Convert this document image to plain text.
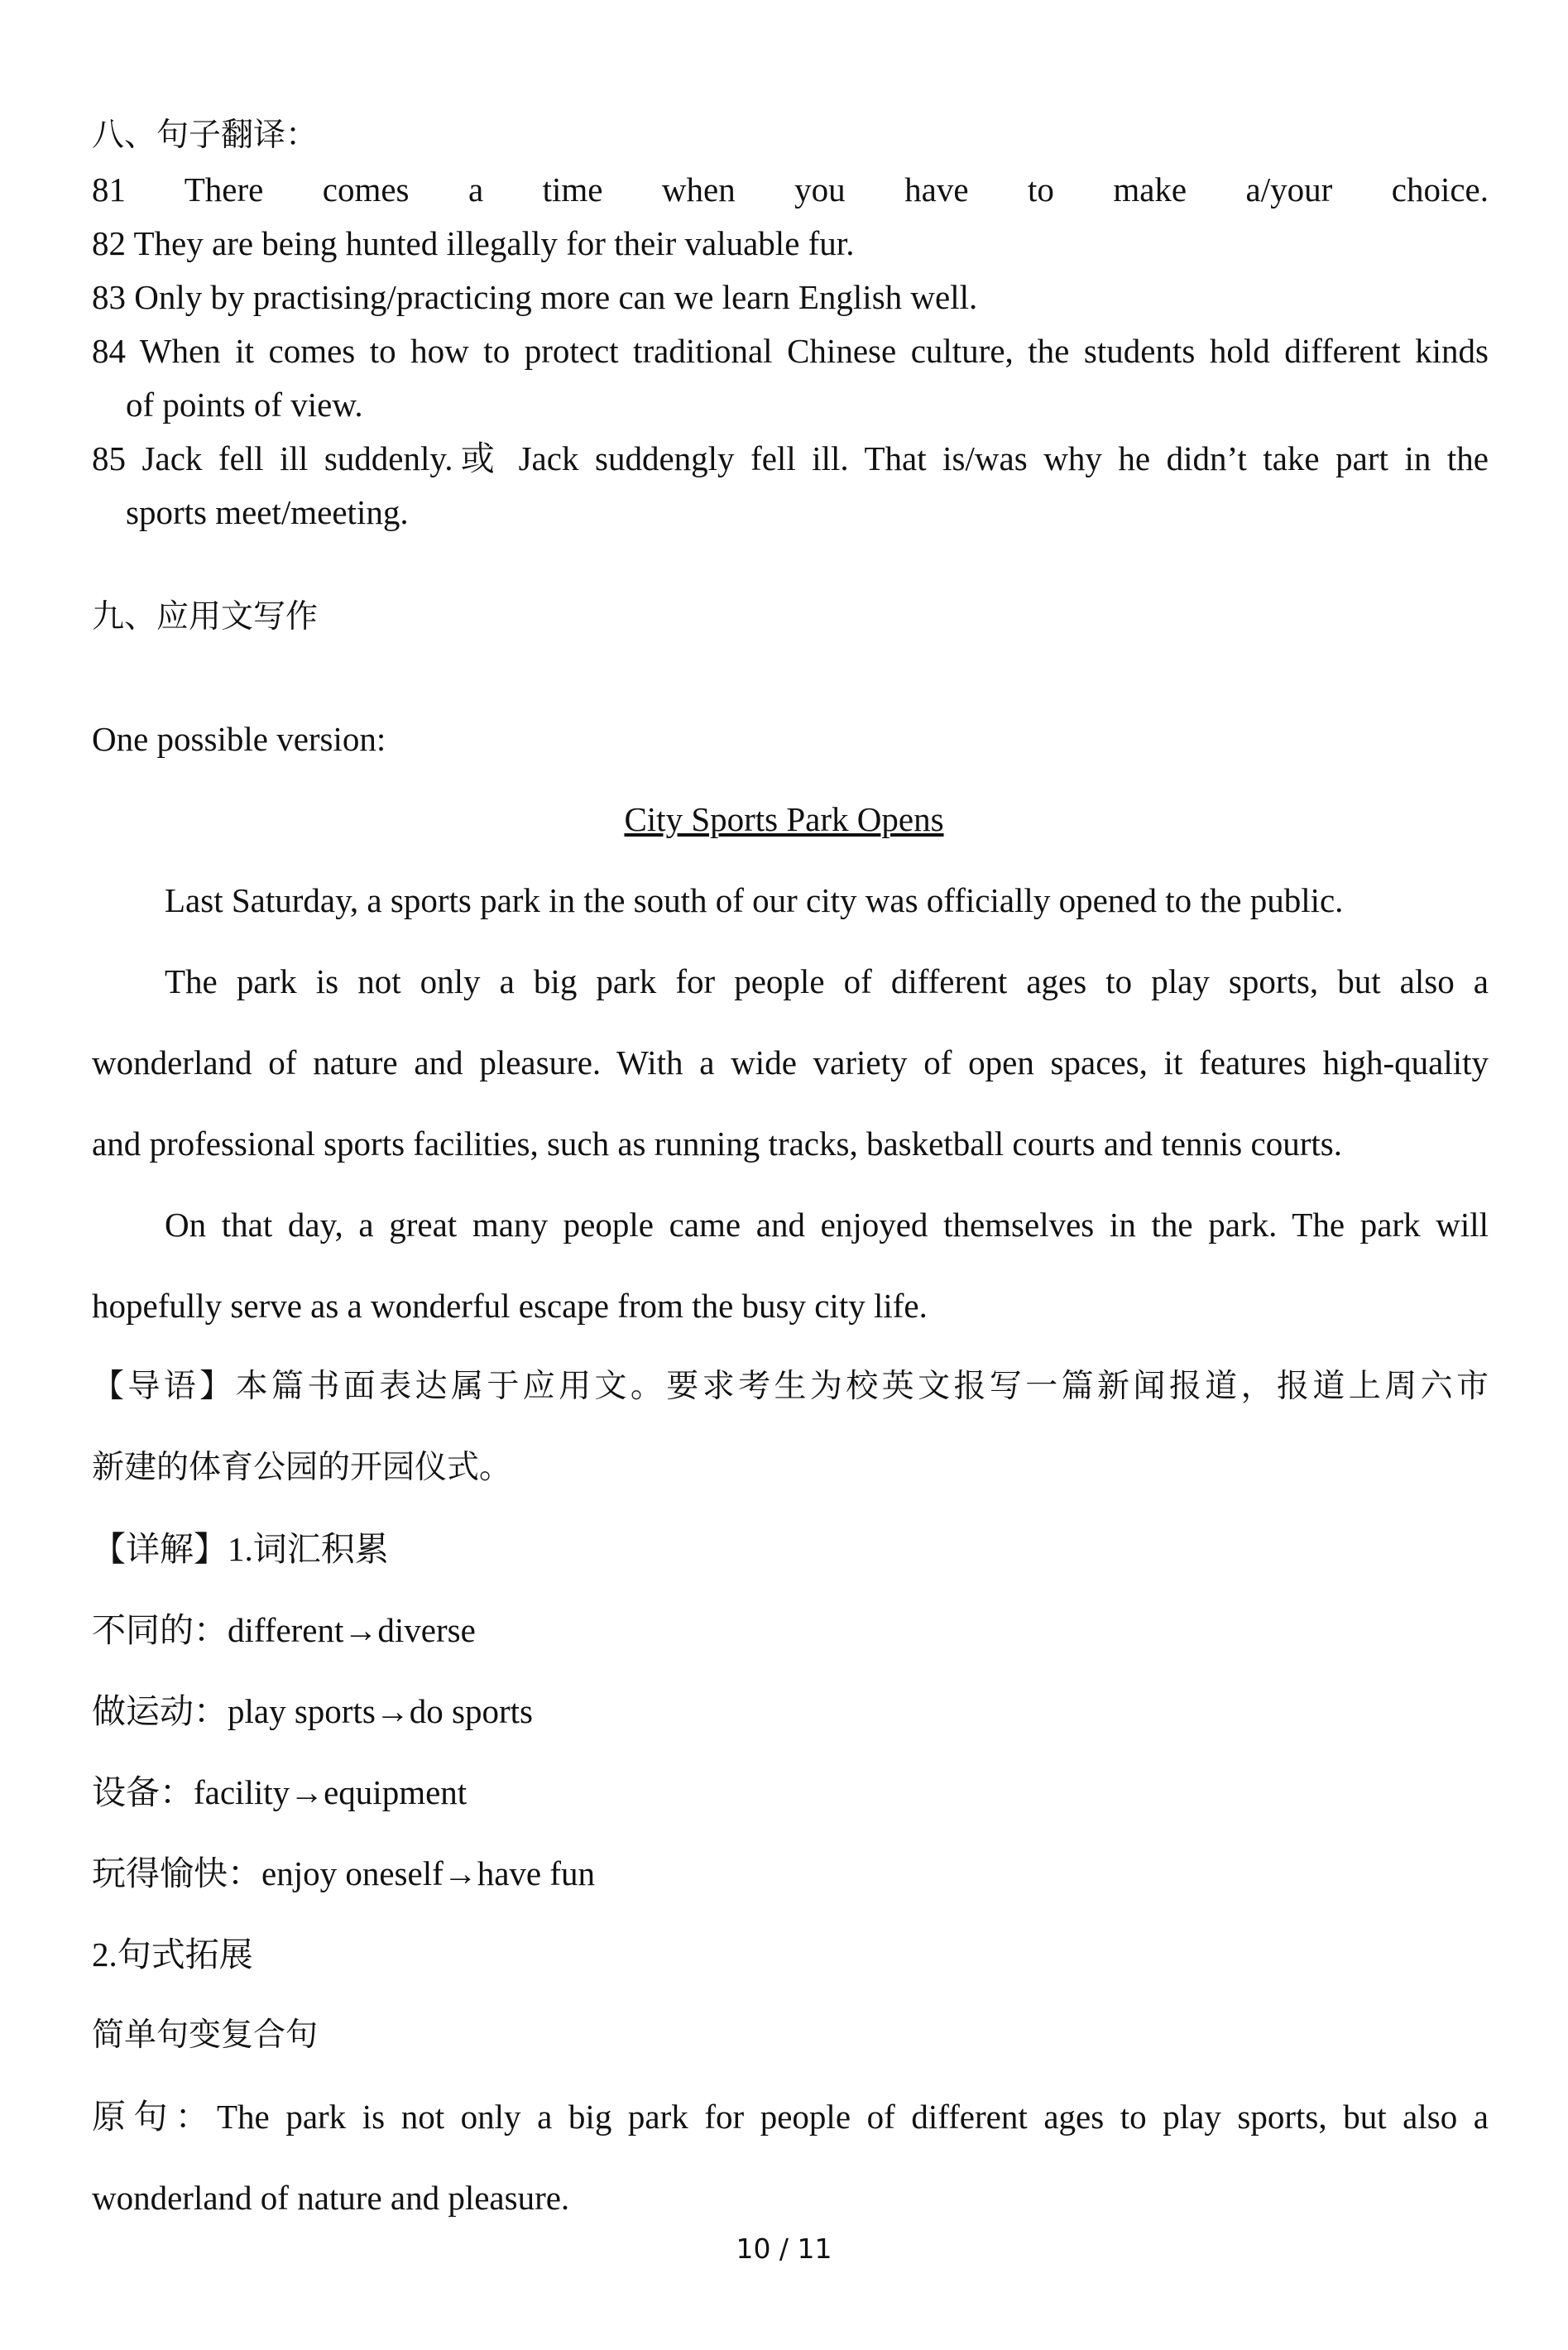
八、句子翻译：
81 There comes a time when you have to make a/your choice.
82 They are being hunted illegally for their valuable fur.
83 Only by practising/practicing more can we learn English well.
84 When it comes to how to protect traditional Chinese culture, the students hold different kinds
of points of view.
85 Jack fell ill suddenly.或 Jack suddengly fell ill. That is/was why he didn’t take part in the
sports meet/meeting.
九、应用文写作
One possible version:
City Sports Park Opens
Last Saturday, a sports park in the south of our city was officially opened to the public.
The park is not only a big park for people of different ages to play sports, but also a
wonderland of nature and pleasure. With a wide variety of open spaces, it features high-quality
and professional sports facilities, such as running tracks, basketball courts and tennis courts.
On that day, a great many people came and enjoyed themselves in the park. The park will
hopefully serve as a wonderful escape from the busy city life.
【导语】本篇书面表达属于应用文。要求考生为校英文报写一篇新闻报道，报道上周六市
新建的体育公园的开园仪式。
【详解】1.词汇积累
不同的：different→diverse
做运动：play sports→do sports
设备：facility→equipment
玩得愉快：enjoy oneself→have fun
2.句式拓展
简单句变复合句
原句：The park is not only a big park for people of different ages to play sports, but also a
wonderland of nature and pleasure.
10 / 11
